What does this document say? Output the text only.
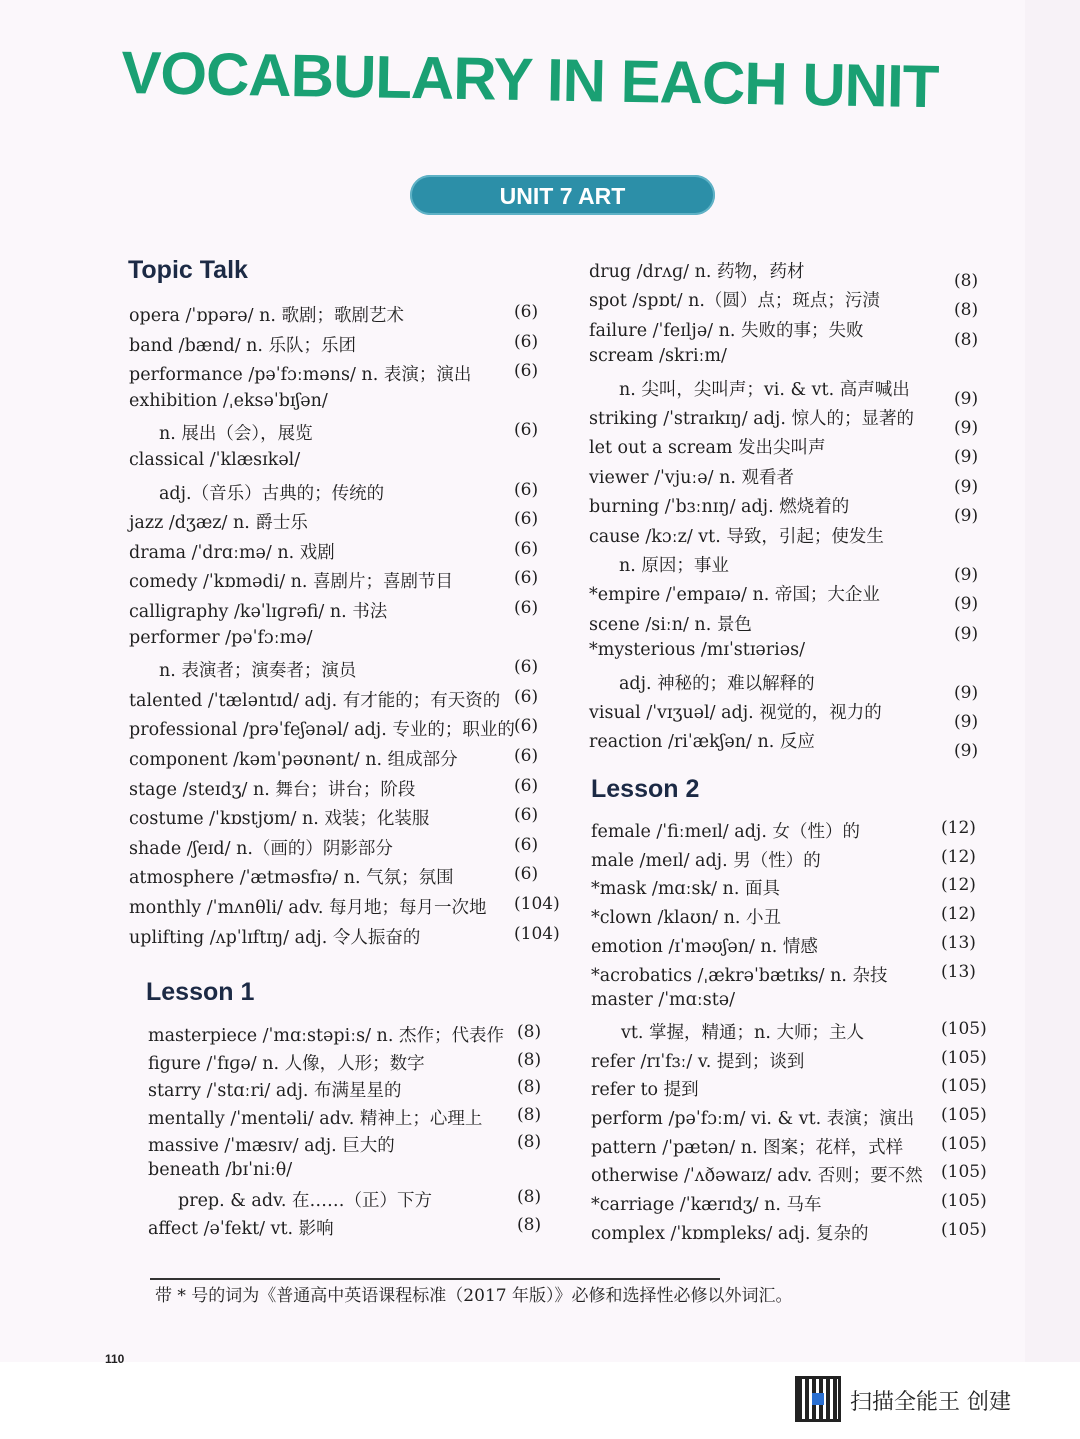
VOCABULARY IN EACH UNIT
UNIT 7 ART
Topic Talk
opera /ˈɒpərə/ n. 歌剧；歌剧艺术	(6)
band /bænd/ n. 乐队；乐团	(6)
performance /pəˈfɔːməns/ n. 表演；演出	(6)
exhibition /ˌeksəˈbɪʃən/
n. 展出（会），展览	(6)
classical /ˈklæsɪkəl/
adj.（音乐）古典的；传统的	(6)
jazz /dʒæz/ n. 爵士乐	(6)
drama /ˈdrɑːmə/ n. 戏剧	(6)
comedy /ˈkɒmədi/ n. 喜剧片；喜剧节目	(6)
calligraphy /kəˈlɪɡrəfi/ n. 书法	(6)
performer /pəˈfɔːmə/
n. 表演者；演奏者；演员	(6)
talented /ˈtæləntɪd/ adj. 有才能的；有天资的 (6)
professional /prəˈfeʃənəl/ adj. 专业的；职业的 (6)
component /kəmˈpəʊnənt/ n. 组成部分	(6)
stage /steɪdʒ/ n. 舞台；讲台；阶段	(6)
costume /ˈkɒstjʊm/ n. 戏装；化装服	(6)
shade /ʃeɪd/ n.（画的）阴影部分	(6)
atmosphere /ˈætməsfɪə/ n. 气氛；氛围	(6)
monthly /ˈmʌnθli/ adv. 每月地；每月一次地 (104)
uplifting /ʌpˈlɪftɪŋ/ adj. 令人振奋的	(104)
Lesson 1
masterpiece /ˈmɑːstəpiːs/ n. 杰作；代表作 (8)
figure /ˈfɪɡə/ n. 人像，人形；数字	(8)
starry /ˈstɑːri/ adj. 布满星星的	(8)
mentally /ˈmentəli/ adv. 精神上；心理上 (8)
massive /ˈmæsɪv/ adj. 巨大的	(8)
beneath /bɪˈniːθ/
prep. & adv. 在……（正）下方	(8)
affect /əˈfekt/ vt. 影响	(8)
drug /drʌɡ/ n. 药物，药材	(8)
spot /spɒt/ n.（圆）点；斑点；污渍	(8)
failure /ˈfeɪljə/ n. 失败的事；失败	(8)
scream /skriːm/
n. 尖叫，尖叫声；vi. & vt. 高声喊出	(9)
striking /ˈstraɪkɪŋ/ adj. 惊人的；显著的 (9)
let out a scream 发出尖叫声	(9)
viewer /ˈvjuːə/ n. 观看者	(9)
burning /ˈbɜːnɪŋ/ adj. 燃烧着的	(9)
cause /kɔːz/ vt. 导致，引起；使发生
n. 原因；事业	(9)
*empire /ˈempaɪə/ n. 帝国；大企业	(9)
scene /siːn/ n. 景色	(9)
*mysterious /mɪˈstɪəriəs/
adj. 神秘的；难以解释的	(9)
visual /ˈvɪʒuəl/ adj. 视觉的，视力的	(9)
reaction /riˈækʃən/ n. 反应	(9)
Lesson 2
female /ˈfiːmeɪl/ adj. 女（性）的	(12)
male /meɪl/ adj. 男（性）的	(12)
*mask /mɑːsk/ n. 面具	(12)
*clown /klaʊn/ n. 小丑	(12)
emotion /ɪˈməʊʃən/ n. 情感	(13)
*acrobatics /ˌækrəˈbætɪks/ n. 杂技	(13)
master /ˈmɑːstə/
vt. 掌握，精通；n. 大师；主人	(105)
refer /rɪˈfɜː/ v. 提到；谈到	(105)
refer to 提到	(105)
perform /pəˈfɔːm/ vi. & vt. 表演；演出 (105)
pattern /ˈpætən/ n. 图案；花样，式样 (105)
otherwise /ˈʌðəwaɪz/ adv. 否则；要不然 (105)
*carriage /ˈkærɪdʒ/ n. 马车	(105)
complex /ˈkɒmpleks/ adj. 复杂的	(105)
带 * 号的词为《普通高中英语课程标准（2017 年版）》必修和选择性必修以外词汇。
110
扫描全能王 创建
